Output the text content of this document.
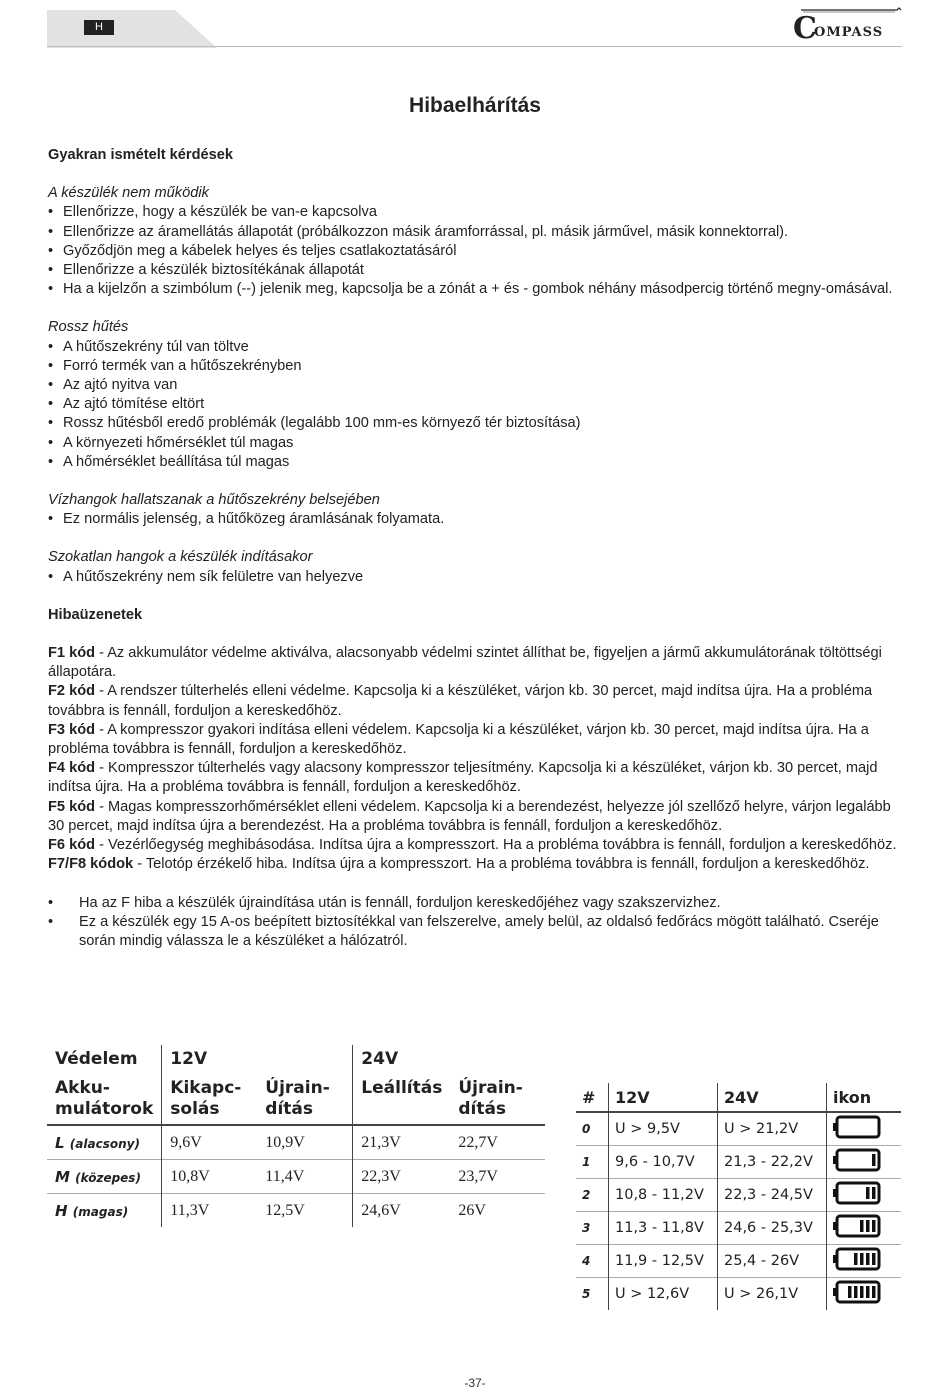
H	C
OMPASS
Hibaelhárítás

Gyakran ismételt kérdések

A készülék nem működik

• Ellenőrizze, hogy a készülék be van-e kapcsolva
• Ellenőrizze az áramellátás állapotát (próbálkozzon másik áramforrással, pl. másik járművel, másik konnektorral).
• Győződjön meg a kábelek helyes és teljes csatlakoztatásáról
• Ellenőrizze a készülék biztosítékának állapotát
• Ha a kijelzőn a szimbólum (--) jelenik meg, kapcsolja be a zónát a + és - gombok néhány másodpercig történő megny-omásával.

Rossz hűtés

• A hűtőszekrény túl van töltve
• Forró termék van a hűtőszekrényben
• Az ajtó nyitva van
• Az ajtó tömítése eltört
• Rossz hűtésből eredő problémák (legalább 100 mm-es környező tér biztosítása)
• A környezeti hőmérséklet túl magas
• A hőmérséklet beállítása túl magas

Vízhangok hallatszanak a hűtőszekrény belsejében

• Ez normális jelenség, a hűtőközeg áramlásának folyamata.

Szokatlan hangok a készülék indításakor

• A hűtőszekrény nem sík felületre van helyezve

Hibaüzenetek

F1 kód - Az akkumulátor védelme aktiválva, alacsonyabb védelmi szintet állíthat be, figyeljen a jármű akkumulátorának töltöttségi állapotára.

F2 kód - A rendszer túlterhelés elleni védelme. Kapcsolja ki a készüléket, várjon kb. 30 percet, majd indítsa újra. Ha a probléma továbbra is fennáll, forduljon a kereskedőhöz.

F3 kód - A kompresszor gyakori indítása elleni védelem. Kapcsolja ki a készüléket, várjon kb. 30 percet, majd indítsa újra. Ha a probléma továbbra is fennáll, forduljon a kereskedőhöz.

F4 kód - Kompresszor túlterhelés vagy alacsony kompresszor teljesítmény. Kapcsolja ki a készüléket, várjon kb. 30 percet, majd indítsa újra. Ha a probléma továbbra is fennáll, forduljon a kereskedőhöz.

F5 kód - Magas kompresszorhőmérséklet elleni védelem. Kapcsolja ki a berendezést, helyezze jól szellőző helyre, várjon legalább 30 percet, majd indítsa újra a berendezést. Ha a probléma továbbra is fennáll, forduljon a kereskedőhöz.

F6 kód - Vezérlőegység meghibásodása. Indítsa újra a kompresszort. Ha a probléma továbbra is fennáll, forduljon a kereskedőhöz.

F7/F8 kódok - Telotóp érzékelő hiba. Indítsa újra a kompresszort. Ha a probléma továbbra is fennáll, forduljon a kereskedőhöz.

• Ha az F hiba a készülék újraindítása után is fennáll, forduljon kereskedőjéhez vagy szakszervizhez.
• Ez a készülék egy 15 A-os beépített biztosítékkal van felszerelve, amely belül, az oldalsó fedőrács mögött található. Cseréje során mindig válassza le a készüléket a hálózatról.
Védelem	12V		24V	
Akku-mulátorok	Kikapc-solás	Újrain-dítás	Leállítás	Újrain-dítás
L (alacsony)	9,6V	10,9V	21,3V	22,7V
M (közepes)	10,8V	11,4V	22,3V	23,7V
H (magas)	11,3V	12,5V	24,6V	26V
#	12V	24V	ikon
0	U > 9,5V	U > 21,2V	
1	9,6 - 10,7V	21,3 - 22,2V	
2	10,8 - 11,2V	22,3 - 24,5V	
3	11,3 - 11,8V	24,6 - 25,3V	
4	11,9 - 12,5V	25,4 - 26V	
5	U > 12,6V	U > 26,1V	
-37-
